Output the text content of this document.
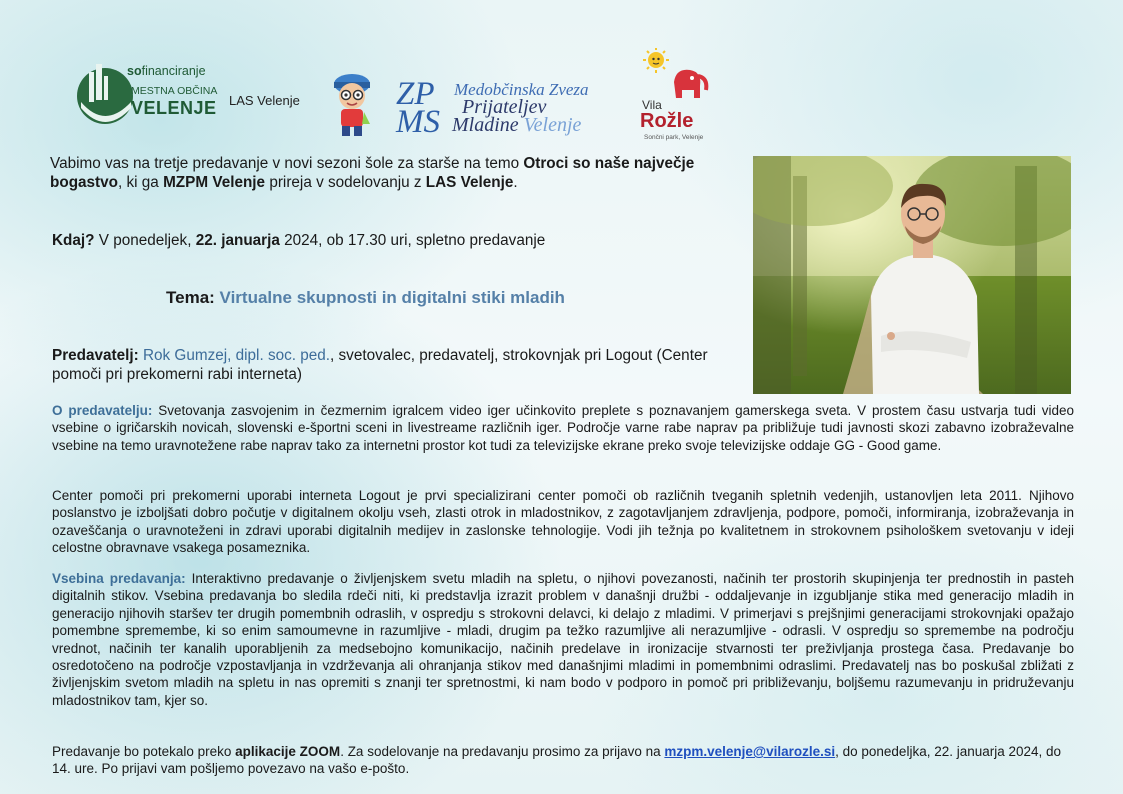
sofinanciranje
MESTNA OBČINA
VELENJE LAS Velenje	ZP
MS
Medobčinska Zveza
Prijateljev
Mladine Velenje
Vila
Rožle
Sončni park, Velenje
Vabimo vas na tretje predavanje v novi sezoni šole za starše na temo Otroci so naše največje bogastvo, ki ga MZPM Velenje prireja v sodelovanju z LAS Velenje.
Kdaj? V ponedeljek, 22. januarja 2024, ob 17.30 uri, spletno predavanje
Tema: Virtualne skupnosti in digitalni stiki mladih
Predavatelj: Rok Gumzej, dipl. soc. ped., svetovalec, predavatelj, strokovnjak pri Logout (Center pomoči pri prekomerni rabi interneta)
O predavatelju: Svetovanja zasvojenim in čezmernim igralcem video iger učinkovito preplete s poznavanjem gamerskega sveta. V prostem času ustvarja tudi video vsebine o igričarskih novicah, slovenski e-športni sceni in livestreame različnih iger. Področje varne rabe naprav pa približuje tudi javnosti skozi zabavno izobraževalne vsebine na temo uravnotežene rabe naprav tako za internetni prostor kot tudi za televizijske ekrane preko svoje televizijske oddaje GG - Good game.
Center pomoči pri prekomerni uporabi interneta Logout je prvi specializirani center pomoči ob različnih tveganih spletnih vedenjih, ustanovljen leta 2011. Njihovo poslanstvo je izboljšati dobro počutje v digitalnem okolju vseh, zlasti otrok in mladostnikov, z zagotavljanjem zdravljenja, podpore, pomoči, informiranja, izobraževanja in ozaveščanja o uravnoteženi in zdravi uporabi digitalnih medijev in zaslonske tehnologije. Vodi jih težnja po kvalitetnem in strokovnem psihološkem svetovanju v ideji celostne obravnave vsakega posameznika.
Vsebina predavanja: Interaktivno predavanje o življenjskem svetu mladih na spletu, o njihovi povezanosti, načinih ter prostorih skupinjenja ter prednostih in pasteh digitalnih stikov. Vsebina predavanja bo sledila rdeči niti, ki predstavlja izrazit problem v današnji družbi - oddaljevanje in izgubljanje stika med generacijo mladih in generacijo njihovih staršev ter drugih pomembnih odraslih, v ospredju s strokovni delavci, ki delajo z mladimi. V primerjavi s prejšnjimi generacijami strokovnjaki opažajo pomembne spremembe, ki so enim samoumevne in razumljive - mladi, drugim pa težko razumljive ali nerazumljive - odrasli. V ospredju so spremembe na področju vrednot, načinih ter kanalih uporabljenih za medsebojno komunikacijo, načinih predelave in ironizacije stvarnosti ter preživljanja prostega časa. Predavanje bo osredotočeno na področje vzpostavljanja in vzdrževanja ali ohranjanja stikov med današnjimi mladimi in pomembnimi odraslimi. Predavatelj nas bo poskušal zbližati z življenjskim svetom mladih na spletu in nas opremiti s znanji ter spretnostmi, ki nam bodo v podporo in pomoč pri približevanju, boljšemu razumevanju in pridruževanju mladostnikov tam, kjer so.
Predavanje bo potekalo preko aplikacije ZOOM. Za sodelovanje na predavanju prosimo za prijavo na mzpm.velenje@vilarozle.si, do ponedeljka, 22. januarja 2024, do 14. ure. Po prijavi vam pošljemo povezavo na vašo e-pošto.
